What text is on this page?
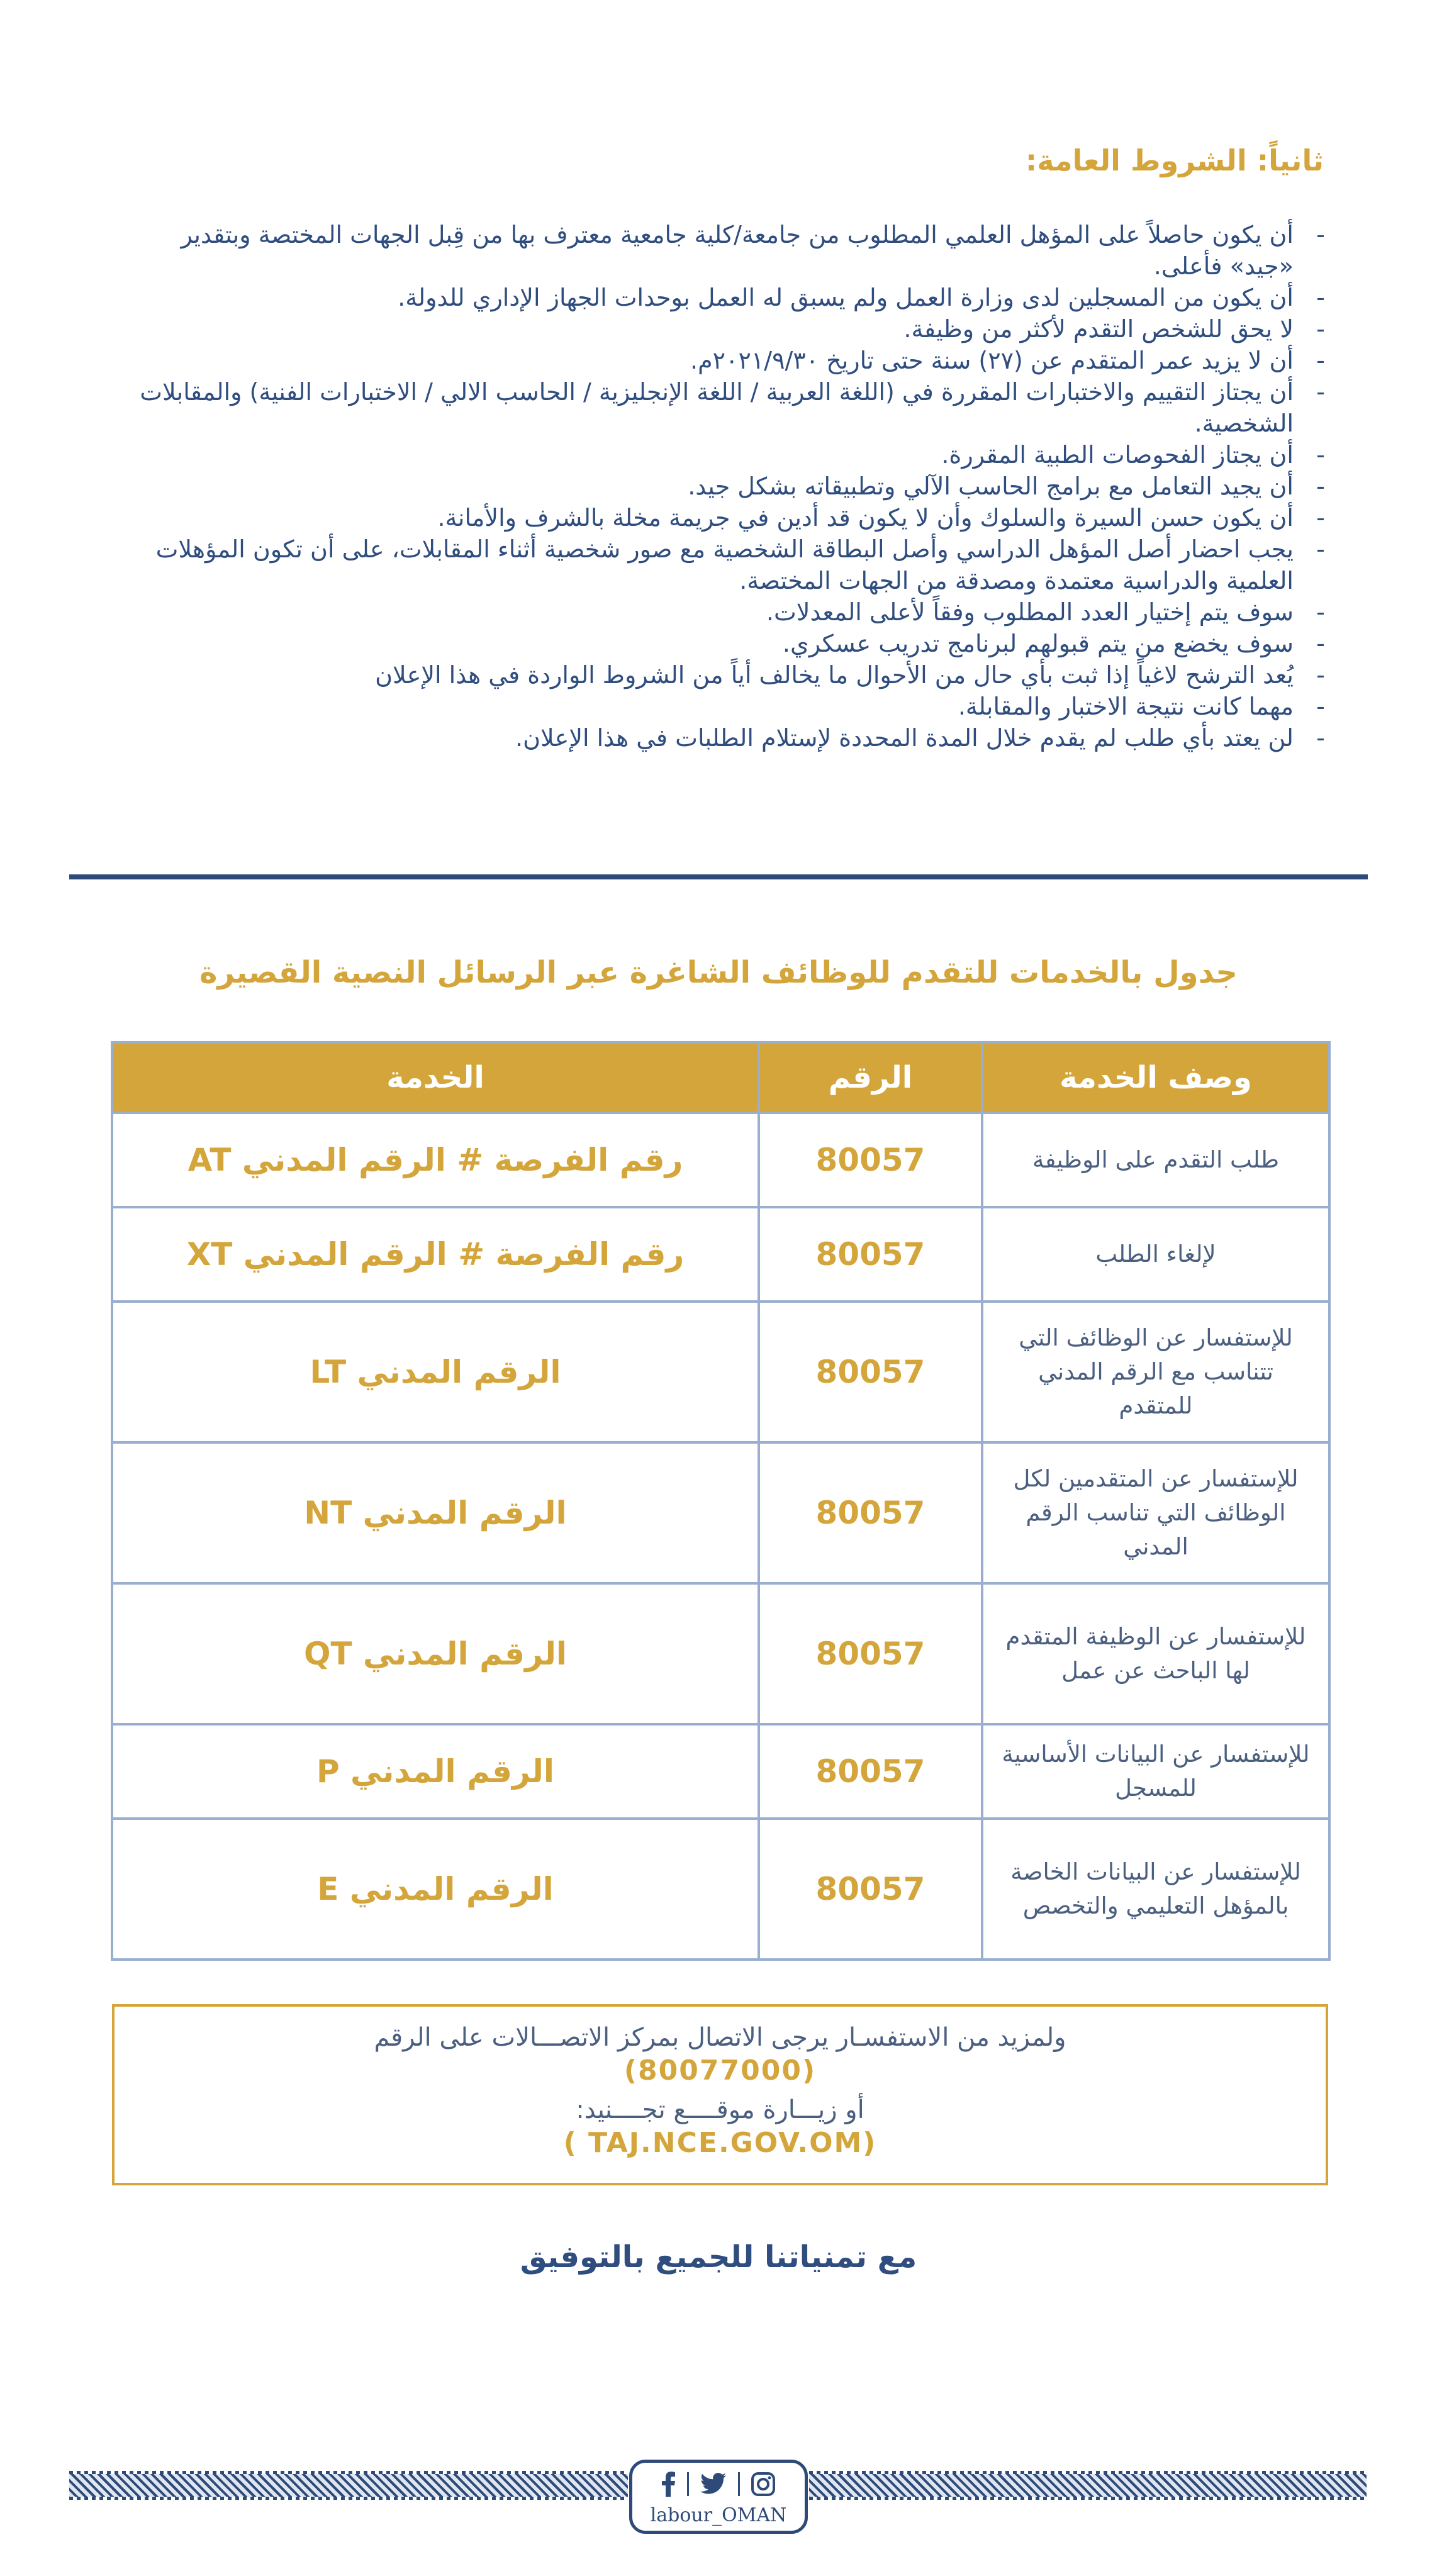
ثانياً: الشروط العامة:
-
أن يكون حاصلاً على المؤهل العلمي المطلوب من جامعة/كلية جامعية معترف بها من قِبل الجهات المختصة وبتقدير «جيد» فأعلى.
-
أن يكون من المسجلين لدى وزارة العمل ولم يسبق له العمل بوحدات الجهاز الإداري للدولة.
-
لا يحق للشخص التقدم لأكثر من وظيفة.
-
أن لا يزيد عمر المتقدم عن (٢٧) سنة حتى تاريخ ٢٠٢١/٩/٣٠م.
-
أن يجتاز التقييم والاختبارات المقررة في (اللغة العربية / اللغة الإنجليزية / الحاسب الالي / الاختبارات الفنية) والمقابلات الشخصية.
-
أن يجتاز الفحوصات الطبية المقررة.
-
أن يجيد التعامل مع برامج الحاسب الآلي وتطبيقاته بشكل جيد.
-
أن يكون حسن السيرة والسلوك وأن لا يكون قد أدين في جريمة مخلة بالشرف والأمانة.
-
يجب احضار أصل المؤهل الدراسي وأصل البطاقة الشخصية مع صور شخصية أثناء المقابلات، على أن تكون المؤهلات العلمية والدراسية معتمدة ومصدقة من الجهات المختصة.
-
سوف يتم إختيار العدد المطلوب وفقاً لأعلى المعدلات.
-
سوف يخضع من يتم قبولهم لبرنامج تدريب عسكري.
-
يُعد الترشح لاغياً إذا ثبت بأي حال من الأحوال ما يخالف أياً من الشروط الواردة في هذا الإعلان
-
مهما كانت نتيجة الاختبار والمقابلة.
-
لن يعتد بأي طلب لم يقدم خلال المدة المحددة لإستلام الطلبات في هذا الإعلان.
جدول بالخدمات للتقدم للوظائف الشاغرة عبر الرسائل النصية القصيرة
وصف الخدمة	الرقم	الخدمة
طلب التقدم على الوظيفة	80057	رقم الفرصة # الرقم المدني AT
لإلغاء الطلب	80057	رقم الفرصة # الرقم المدني XT
للإستفسار عن الوظائف التي تتناسب مع الرقم المدني للمتقدم	80057	الرقم المدني LT
للإستفسار عن المتقدمين لكل الوظائف التي تناسب الرقم المدني	80057	الرقم المدني NT
للإستفسار عن الوظيفة المتقدم لها الباحث عن عمل	80057	الرقم المدني QT
للإستفسار عن البيانات الأساسية للمسجل	80057	الرقم المدني P
للإستفسار عن البيانات الخاصة بالمؤهل التعليمي والتخصص	80057	الرقم المدني E
ولمزيد من الاستفسـار يرجى الاتصال بمركز الاتصـــالات على الرقم
(80077000)
أو زيـــارة موقــــع تجــــنيد:
(TAJ.NCE.GOV.OM )
مع تمنياتنا للجميع بالتوفيق
labour_OMAN
